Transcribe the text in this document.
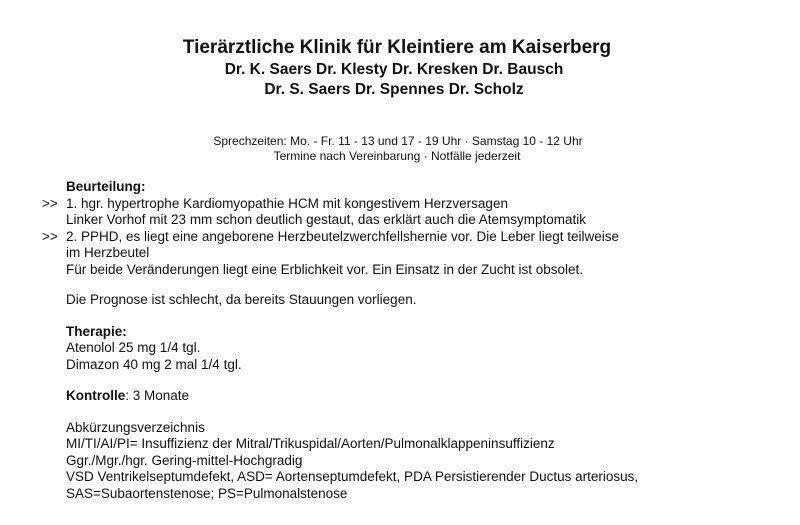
Tierärztliche Klinik für Kleintiere am Kaiserberg
Dr. K. Saers Dr. Klesty Dr. Kresken Dr. Bausch
Dr. S. Saers Dr. Spennes Dr. Scholz
Sprechzeiten: Mo. - Fr. 11 - 13 und 17 - 19 Uhr · Samstag 10 - 12 Uhr
Termine nach Vereinbarung · Notfälle jederzeit
Beurteilung:
>> 1. hgr. hypertrophe Kardiomyopathie HCM mit kongestivem Herzversagen
Linker Vorhof mit 23 mm schon deutlich gestaut, das erklärt auch die Atemsymptomatik
>> 2. PPHD, es liegt eine angeborene Herzbeutelzwerchfellshernie vor. Die Leber liegt teilweise
im Herzbeutel
Für beide Veränderungen liegt eine Erblichkeit vor. Ein Einsatz in der Zucht ist obsolet.
Die Prognose ist schlecht, da bereits Stauungen vorliegen.
Therapie:
Atenolol 25 mg 1/4 tgl.
Dimazon 40 mg 2 mal 1/4 tgl.
Kontrolle: 3 Monate
Abkürzungsverzeichnis
MI/TI/AI/PI= Insuffizienz der Mitral/Trikuspidal/Aorten/Pulmonalklappeninsuffizienz
Ggr./Mgr./hgr. Gering-mittel-Hochgradig
VSD Ventrikelseptumdefekt, ASD= Aortenseptumdefekt, PDA Persistierender Ductus arteriosus,
SAS=Subaortenstenose; PS=Pulmonalstenose
